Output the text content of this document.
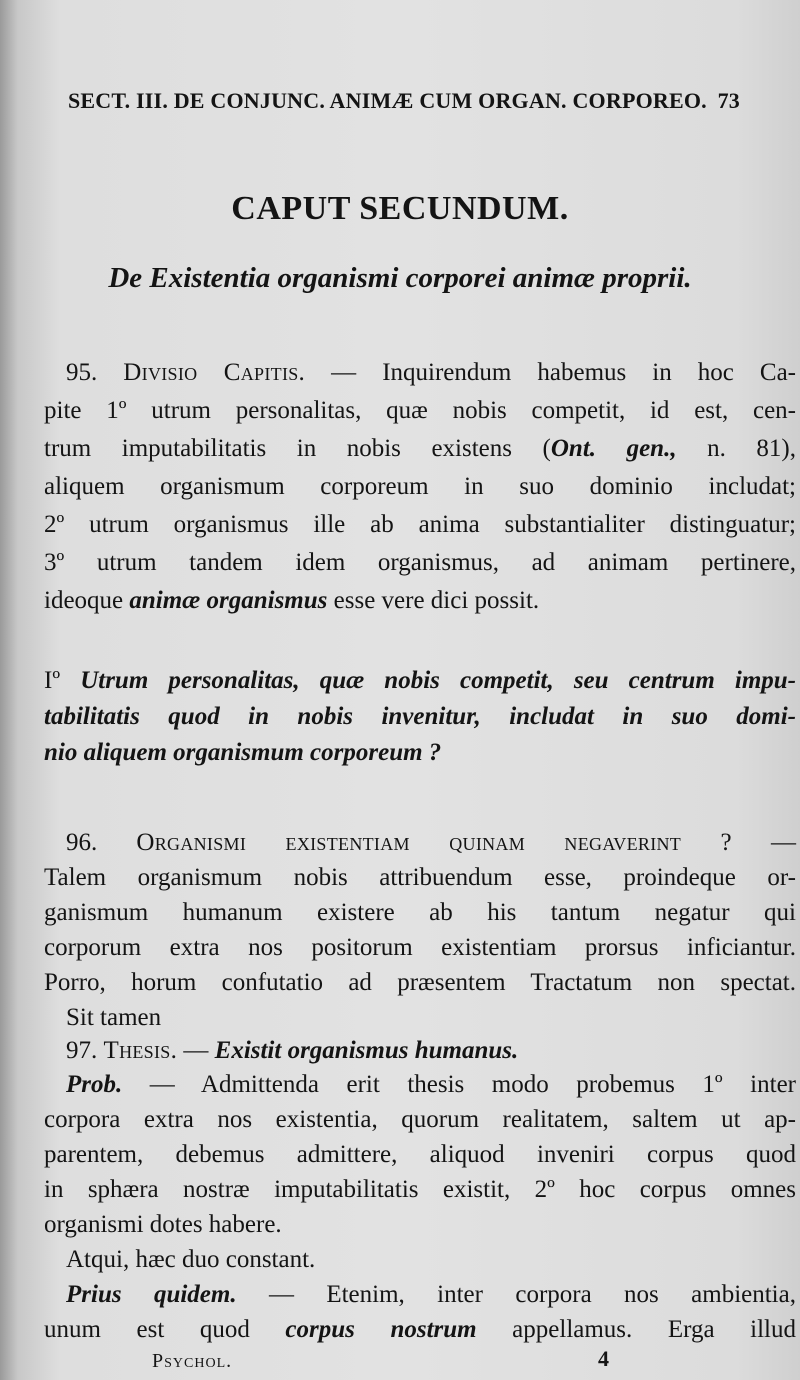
SECT. III. DE CONJUNC. ANIMÆ CUM ORGAN. CORPOREO. 73
CAPUT SECUNDUM.
De Existentia organismi corporei animæ proprii.
95. Divisio Capitis. — Inquirendum habemus in hoc Ca-
pite 1º utrum personalitas, quæ nobis competit, id est, cen-
trum imputabilitatis in nobis existens (Ont. gen., n. 81),
aliquem organismum corporeum in suo dominio includat;
2º utrum organismus ille ab anima substantialiter distinguatur;
3º utrum tandem idem organismus, ad animam pertinere,
ideoque animæ organismus esse vere dici possit.
Iº Utrum personalitas, quæ nobis competit, seu centrum impu-
tabilitatis quod in nobis invenitur, includat in suo domi-
nio aliquem organismum corporeum ?
96. Organismi existentiam quinam negaverint ? —
Talem organismum nobis attribuendum esse, proindeque or-
ganismum humanum existere ab his tantum negatur qui
corporum extra nos positorum existentiam prorsus inficiantur.
Porro, horum confutatio ad præsentem Tractatum non spectat.
Sit tamen
97. Thesis. — Existit organismus humanus.
Prob. — Admittenda erit thesis modo probemus 1º inter
corpora extra nos existentia, quorum realitatem, saltem ut ap-
parentem, debemus admittere, aliquod inveniri corpus quod
in sphæra nostræ imputabilitatis existit, 2º hoc corpus omnes
organismi dotes habere.
Atqui, hæc duo constant.
Prius quidem. — Etenim, inter corpora nos ambientia,
unum est quod corpus nostrum appellamus. Erga illud
Psychol.	4
